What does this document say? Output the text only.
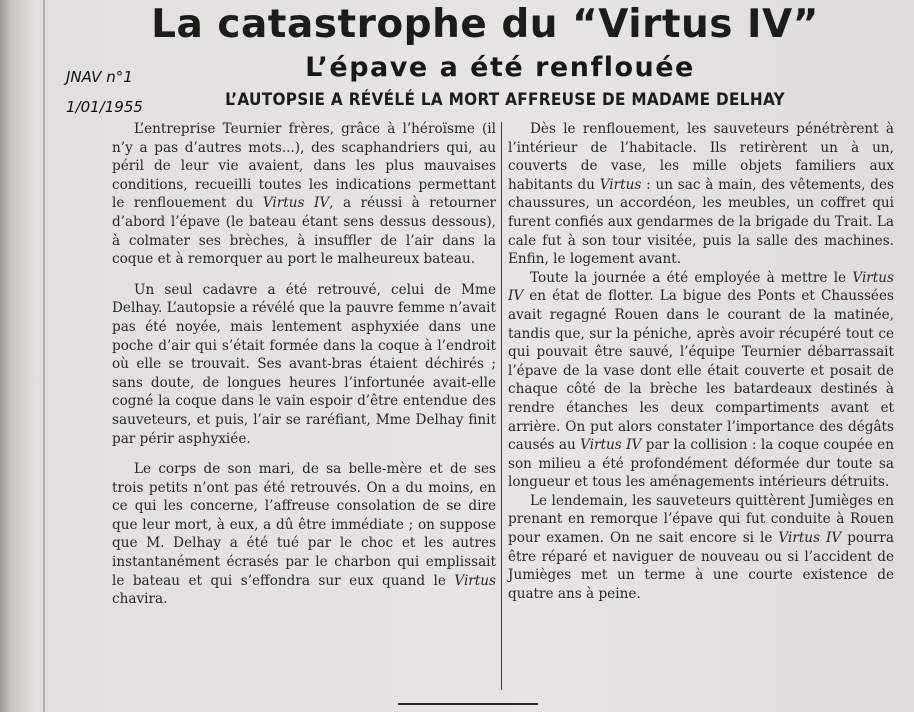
La catastrophe du “Virtus IV”
JNAV n°1	L’épave a été renflouée
1/01/1955	L’AUTOPSIE A RÉVÉLÉ LA MORT AFFREUSE DE MADAME DELHAY

L’entreprise Teurnier frères, grâce à l’héroïsme (il n’y a pas d’autres mots...), des scaphandriers qui, au péril de leur vie avaient, dans les plus mauvaises conditions, recueilli toutes les indications permettant le renflouement du Virtus IV, a réussi à retourner d’abord l’épave (le bateau étant sens dessus dessous), à colmater ses brèches, à insuffler de l’air dans la coque et à remorquer au port le malheureux bateau.

Un seul cadavre a été retrouvé, celui de Mme Delhay. L’autopsie a révélé que la pauvre femme n’avait pas été noyée, mais lentement asphyxiée dans une poche d’air qui s’était formée dans la coque à l’endroit où elle se trouvait. Ses avant-bras étaient déchirés ; sans doute, de longues heures l’infortunée avait-elle cogné la coque dans le vain espoir d’être entendue des sauveteurs, et puis, l’air se raréfiant, Mme Delhay finit par périr asphyxiée.

Le corps de son mari, de sa belle-mère et de ses trois petits n’ont pas été retrouvés. On a du moins, en ce qui les concerne, l’affreuse consolation de se dire que leur mort, à eux, a dû être immédiate ; on suppose que M. Delhay a été tué par le choc et les autres instantanément écrasés par le charbon qui emplissait le bateau et qui s’effondra sur eux quand le Virtus chavira.

Dès le renflouement, les sauveteurs pénétrèrent à l’intérieur de l’habitacle. Ils retirèrent un à un, couverts de vase, les mille objets familiers aux habitants du Virtus : un sac à main, des vêtements, des chaussures, un accordéon, les meubles, un coffret qui furent confiés aux gendarmes de la brigade du Trait. La cale fut à son tour visitée, puis la salle des machines. Enfin, le logement avant.

Toute la journée a été employée à mettre le Virtus IV en état de flotter. La bigue des Ponts et Chaussées avait regagné Rouen dans le courant de la matinée, tandis que, sur la péniche, après avoir récupéré tout ce qui pouvait être sauvé, l’équipe Teurnier débarrassait l’épave de la vase dont elle était couverte et posait de chaque côté de la brèche les batardeaux destinés à rendre étanches les deux compartiments avant et arrière. On put alors constater l’importance des dégâts causés au Virtus IV par la collision : la coque coupée en son milieu a été profondément déformée dur toute sa longueur et tous les aménagements intérieurs détruits.

Le lendemain, les sauveteurs quittèrent Jumièges en prenant en remorque l’épave qui fut conduite à Rouen pour examen. On ne sait encore si le Virtus IV pourra être réparé et naviguer de nouveau ou si l’accident de Jumièges met un terme à une courte existence de quatre ans à peine.
